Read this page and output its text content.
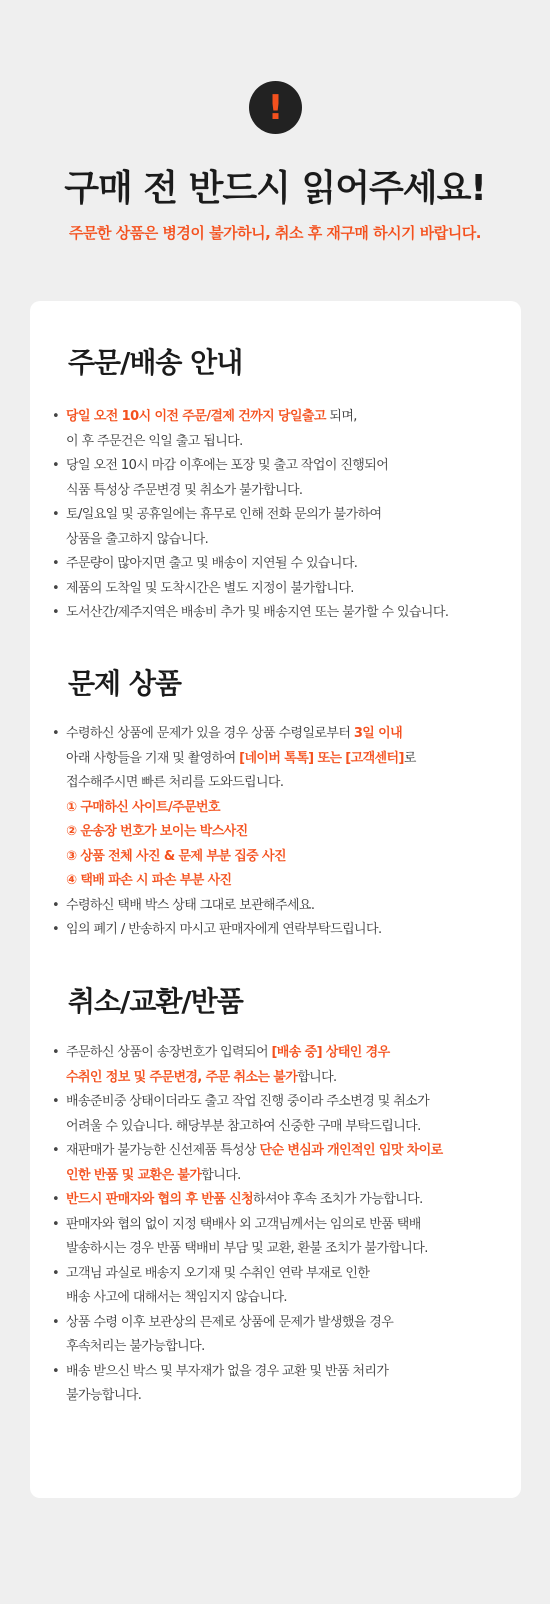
!
구매 전 반드시 읽어주세요!
주문한 상품은 병경이 불가하니, 취소 후 재구매 하시기 바랍니다.
주문/배송 안내
• 당일 오전 10시 이전 주문/결제 건까지 당일출고 되며,
이 후 주문건은 익일 출고 됩니다.
• 당일 오전 10시 마감 이후에는 포장 및 출고 작업이 진행되어
식품 특성상 주문변경 및 취소가 불가합니다.
• 토/일요일 및 공휴일에는 휴무로 인해 전화 문의가 불가하여
상품을 출고하지 않습니다.
• 주문량이 많아지면 출고 및 배송이 지연될 수 있습니다.
• 제품의 도착일 및 도착시간은 별도 지정이 불가합니다.
• 도서산간/제주지역은 배송비 추가 및 배송지연 또는 불가할 수 있습니다.
문제 상품
• 수령하신 상품에 문제가 있을 경우 상품 수령일로부터 3일 이내
아래 사항들을 기재 및 촬영하여 [네이버 톡톡] 또는 [고객센터]로
접수해주시면 빠른 처리를 도와드립니다.
① 구매하신 사이트/주문번호
② 운송장 번호가 보이는 박스사진
③ 상품 전체 사진 & 문제 부분 집중 사진
④ 택배 파손 시 파손 부분 사진
• 수령하신 택배 박스 상태 그대로 보관해주세요.
• 임의 폐기 / 반송하지 마시고 판매자에게 연락부탁드립니다.
취소/교환/반품
• 주문하신 상품이 송장번호가 입력되어 [배송 중] 상태인 경우
수취인 정보 및 주문변경, 주문 취소는 불가합니다.
• 배송준비중 상태이더라도 출고 작업 진행 중이라 주소변경 및 취소가
어려울 수 있습니다. 해당부분 참고하여 신중한 구매 부탁드립니다.
• 재판매가 불가능한 신선제품 특성상 단순 변심과 개인적인 입맛 차이로
인한 반품 및 교환은 불가합니다.
• 반드시 판매자와 협의 후 반품 신청하셔야 후속 조치가 가능합니다.
• 판매자와 협의 없이 지정 택배사 외 고객님께서는 임의로 반품 택배
발송하시는 경우 반품 택배비 부담 및 교환, 환불 조치가 불가합니다.
• 고객님 과실로 배송지 오기재 및 수취인 연락 부재로 인한
배송 사고에 대해서는 책임지지 않습니다.
• 상품 수령 이후 보관상의 믄제로 상품에 문제가 발생했을 경우
후속처리는 불가능합니다.
• 배송 받으신 박스 및 부자재가 없을 경우 교환 및 반품 처리가
불가능합니다.
